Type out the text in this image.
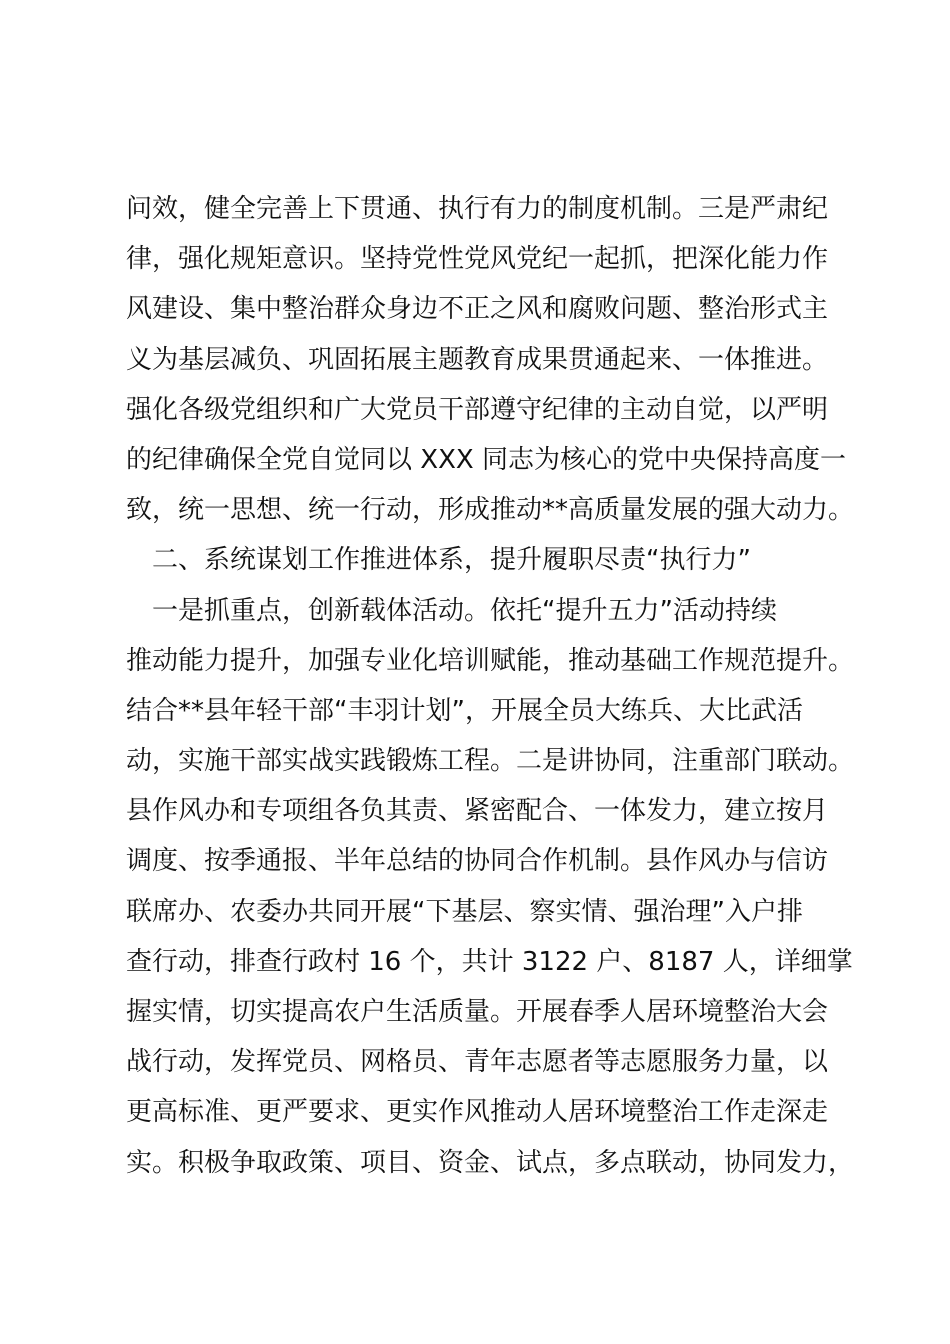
问效，健全完善上下贯通、执行有力的制度机制。三是严肃纪
律，强化规矩意识。坚持党性党风党纪一起抓，把深化能力作
风建设、集中整治群众身边不正之风和腐败问题、整治形式主
义为基层减负、巩固拓展主题教育成果贯通起来、一体推进。
强化各级党组织和广大党员干部遵守纪律的主动自觉，以严明
的纪律确保全党自觉同以 XXX 同志为核心的党中央保持高度一
致，统一思想、统一行动，形成推动**高质量发展的强大动力。
二、系统谋划工作推进体系，提升履职尽责“执行力”
一是抓重点，创新载体活动。依托“提升五力”活动持续
推动能力提升，加强专业化培训赋能，推动基础工作规范提升。
结合**县年轻干部“丰羽计划”，开展全员大练兵、大比武活
动，实施干部实战实践锻炼工程。二是讲协同，注重部门联动。
县作风办和专项组各负其责、紧密配合、一体发力，建立按月
调度、按季通报、半年总结的协同合作机制。县作风办与信访
联席办、农委办共同开展“下基层、察实情、强治理”入户排
查行动，排查行政村 16 个，共计 3122 户、8187 人，详细掌
握实情，切实提高农户生活质量。开展春季人居环境整治大会
战行动，发挥党员、网格员、青年志愿者等志愿服务力量，以
更高标准、更严要求、更实作风推动人居环境整治工作走深走
实。积极争取政策、项目、资金、试点，多点联动，协同发力，
